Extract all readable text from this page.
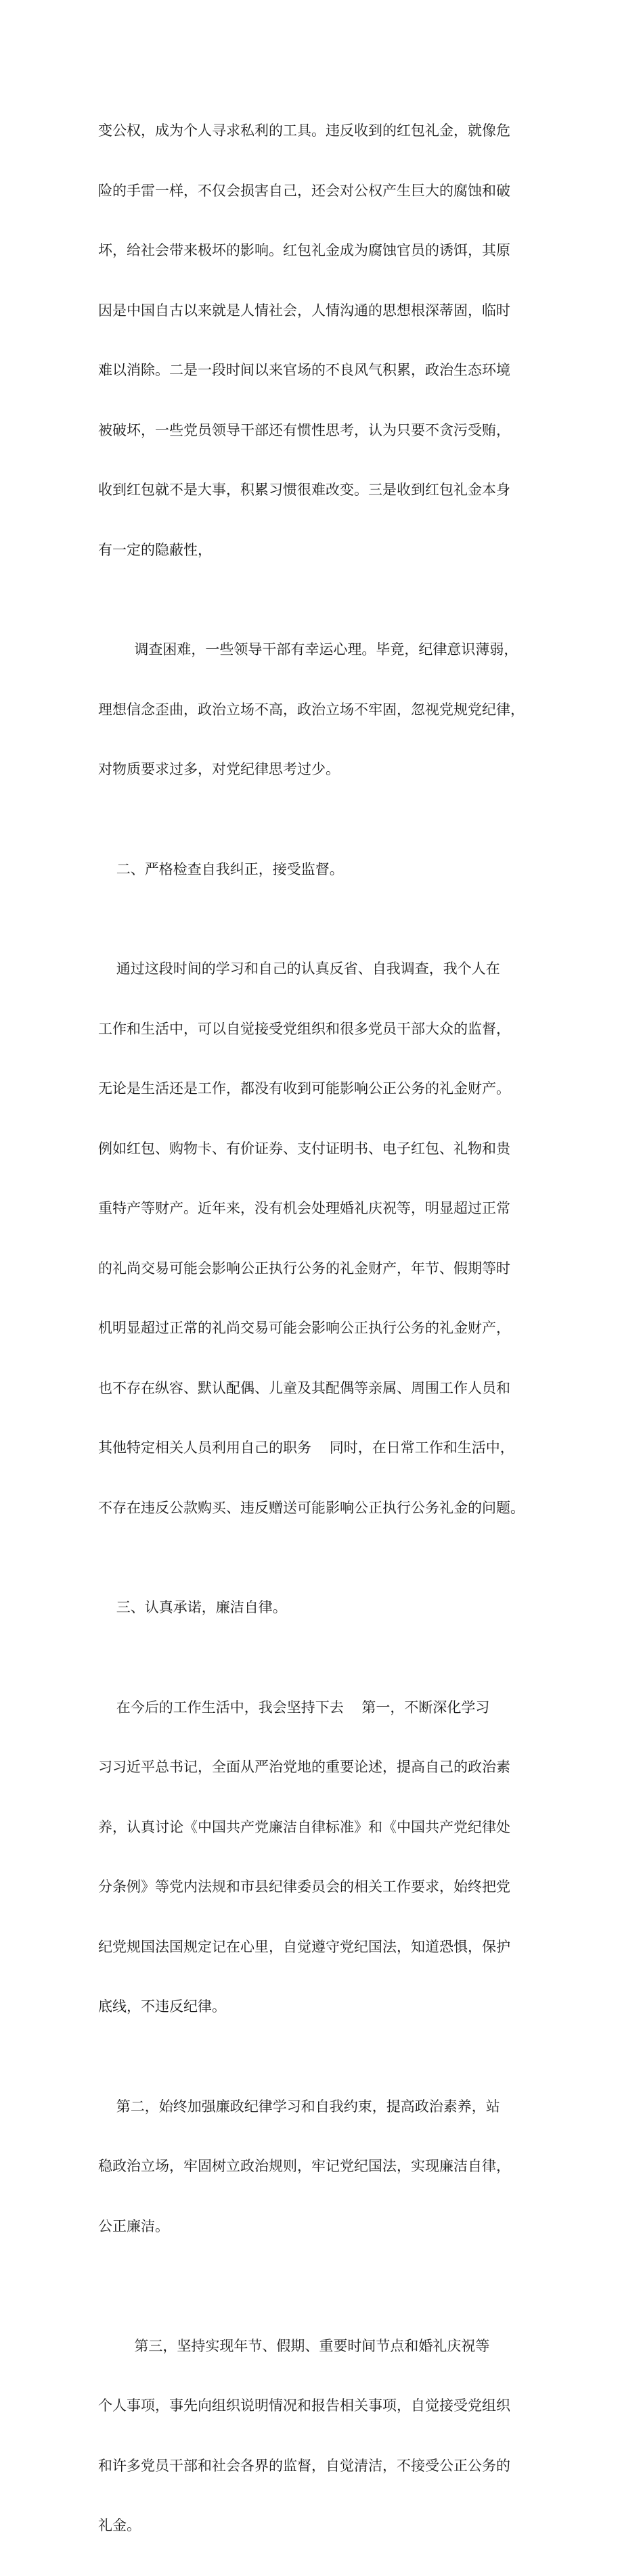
变公权，成为个人寻求私利的工具。违反收到的红包礼金，就像危

险的手雷一样，不仅会损害自己，还会对公权产生巨大的腐蚀和破

坏，给社会带来极坏的影响。红包礼金成为腐蚀官员的诱饵，其原

因是中国自古以来就是人情社会，人情沟通的思想根深蒂固，临时

难以消除。二是一段时间以来官场的不良风气积累，政治生态环境

被破坏，一些党员领导干部还有惯性思考，认为只要不贪污受贿，

收到红包就不是大事，积累习惯很难改变。三是收到红包礼金本身

有一定的隐蔽性，

调查困难，一些领导干部有幸运心理。毕竟，纪律意识薄弱，

理想信念歪曲，政治立场不高，政治立场不牢固，忽视党规党纪律，

对物质要求过多，对党纪律思考过少。

二、严格检查自我纠正，接受监督。

通过这段时间的学习和自己的认真反省、自我调查，我个人在

工作和生活中，可以自觉接受党组织和很多党员干部大众的监督，

无论是生活还是工作，都没有收到可能影响公正公务的礼金财产。

例如红包、购物卡、有价证券、支付证明书、电子红包、礼物和贵

重特产等财产。近年来，没有机会处理婚礼庆祝等，明显超过正常

的礼尚交易可能会影响公正执行公务的礼金财产，年节、假期等时

机明显超过正常的礼尚交易可能会影响公正执行公务的礼金财产，

也不存在纵容、默认配偶、儿童及其配偶等亲属、周围工作人员和

其他特定相关人员利用自己的职务    同时，在日常工作和生活中，

不存在违反公款购买、违反赠送可能影响公正执行公务礼金的问题。

三、认真承诺，廉洁自律。

在今后的工作生活中，我会坚持下去    第一，不断深化学习

习习近平总书记，全面从严治党地的重要论述，提高自己的政治素

养，认真讨论《中国共产党廉洁自律标准》和《中国共产党纪律处

分条例》等党内法规和市县纪律委员会的相关工作要求，始终把党

纪党规国法国规定记在心里，自觉遵守党纪国法，知道恐惧，保护

底线，不违反纪律。

第二，始终加强廉政纪律学习和自我约束，提高政治素养，站

稳政治立场，牢固树立政治规则，牢记党纪国法，实现廉洁自律，

公正廉洁。

第三，坚持实现年节、假期、重要时间节点和婚礼庆祝等

个人事项，事先向组织说明情况和报告相关事项，自觉接受党组织

和许多党员干部和社会各界的监督，自觉清洁，不接受公正公务的

礼金。
